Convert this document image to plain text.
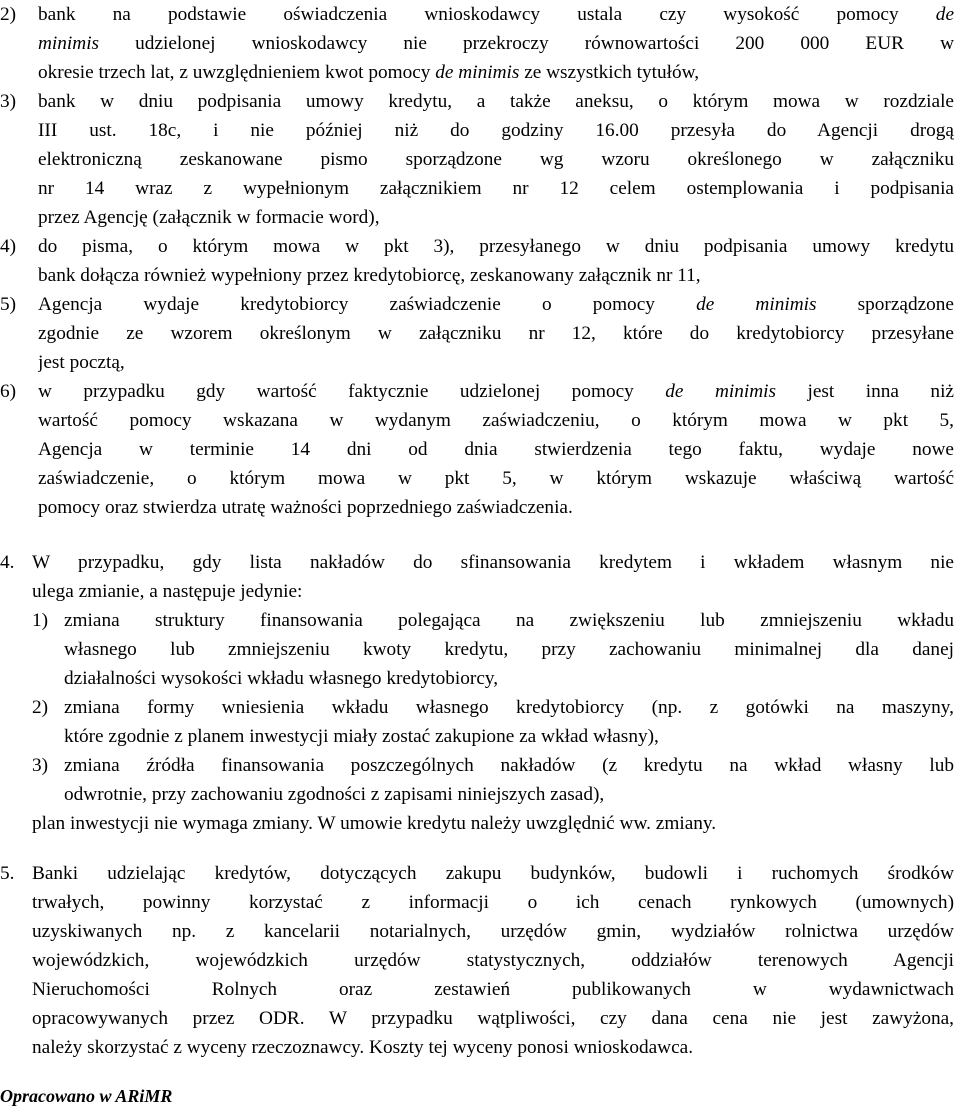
2) bank na podstawie oświadczenia wnioskodawcy ustala czy wysokość pomocy de
minimis udzielonej wnioskodawcy nie przekroczy równowartości 200 000 EUR w
okresie trzech lat, z uwzględnieniem kwot pomocy de minimis ze wszystkich tytułów,
3) bank w dniu podpisania umowy kredytu, a także aneksu, o którym mowa w rozdziale
III ust. 18c, i nie później niż do godziny 16.00 przesyła do Agencji drogą
elektroniczną zeskanowane pismo sporządzone wg wzoru określonego w załączniku
nr 14 wraz z wypełnionym załącznikiem nr 12 celem ostemplowania i podpisania
przez Agencję (załącznik w formacie word),
4) do pisma, o którym mowa w pkt 3), przesyłanego w dniu podpisania umowy kredytu
bank dołącza również wypełniony przez kredytobiorcę, zeskanowany załącznik nr 11,
5) Agencja wydaje kredytobiorcy zaświadczenie o pomocy de minimis sporządzone
zgodnie ze wzorem określonym w załączniku nr 12, które do kredytobiorcy przesyłane
jest pocztą,
6) w przypadku gdy wartość faktycznie udzielonej pomocy de minimis jest inna niż
wartość pomocy wskazana w wydanym zaświadczeniu, o którym mowa w pkt 5,
Agencja w terminie 14 dni od dnia stwierdzenia tego faktu, wydaje nowe
zaświadczenie, o którym mowa w pkt 5, w którym wskazuje właściwą wartość
pomocy oraz stwierdza utratę ważności poprzedniego zaświadczenia.
4. W przypadku, gdy lista nakładów do sfinansowania kredytem i wkładem własnym nie
ulega zmianie, a następuje jedynie:
1) zmiana struktury finansowania polegająca na zwiększeniu lub zmniejszeniu wkładu
własnego lub zmniejszeniu kwoty kredytu, przy zachowaniu minimalnej dla danej
działalności wysokości wkładu własnego kredytobiorcy,
2) zmiana formy wniesienia wkładu własnego kredytobiorcy (np. z gotówki na maszyny,
które zgodnie z planem inwestycji miały zostać zakupione za wkład własny),
3) zmiana źródła finansowania poszczególnych nakładów (z kredytu na wkład własny lub
odwrotnie, przy zachowaniu zgodności z zapisami niniejszych zasad),
plan inwestycji nie wymaga zmiany. W umowie kredytu należy uwzględnić ww. zmiany.
5. Banki udzielając kredytów, dotyczących zakupu budynków, budowli i ruchomych środków
trwałych, powinny korzystać z informacji o ich cenach rynkowych (umownych)
uzyskiwanych np. z kancelarii notarialnych, urzędów gmin, wydziałów rolnictwa urzędów
wojewódzkich, wojewódzkich urzędów statystycznych, oddziałów terenowych Agencji
Nieruchomości Rolnych oraz zestawień publikowanych w wydawnictwach
opracowywanych przez ODR. W przypadku wątpliwości, czy dana cena nie jest zawyżona,
należy skorzystać z wyceny rzeczoznawcy. Koszty tej wyceny ponosi wnioskodawca.
Opracowano w ARiMR
